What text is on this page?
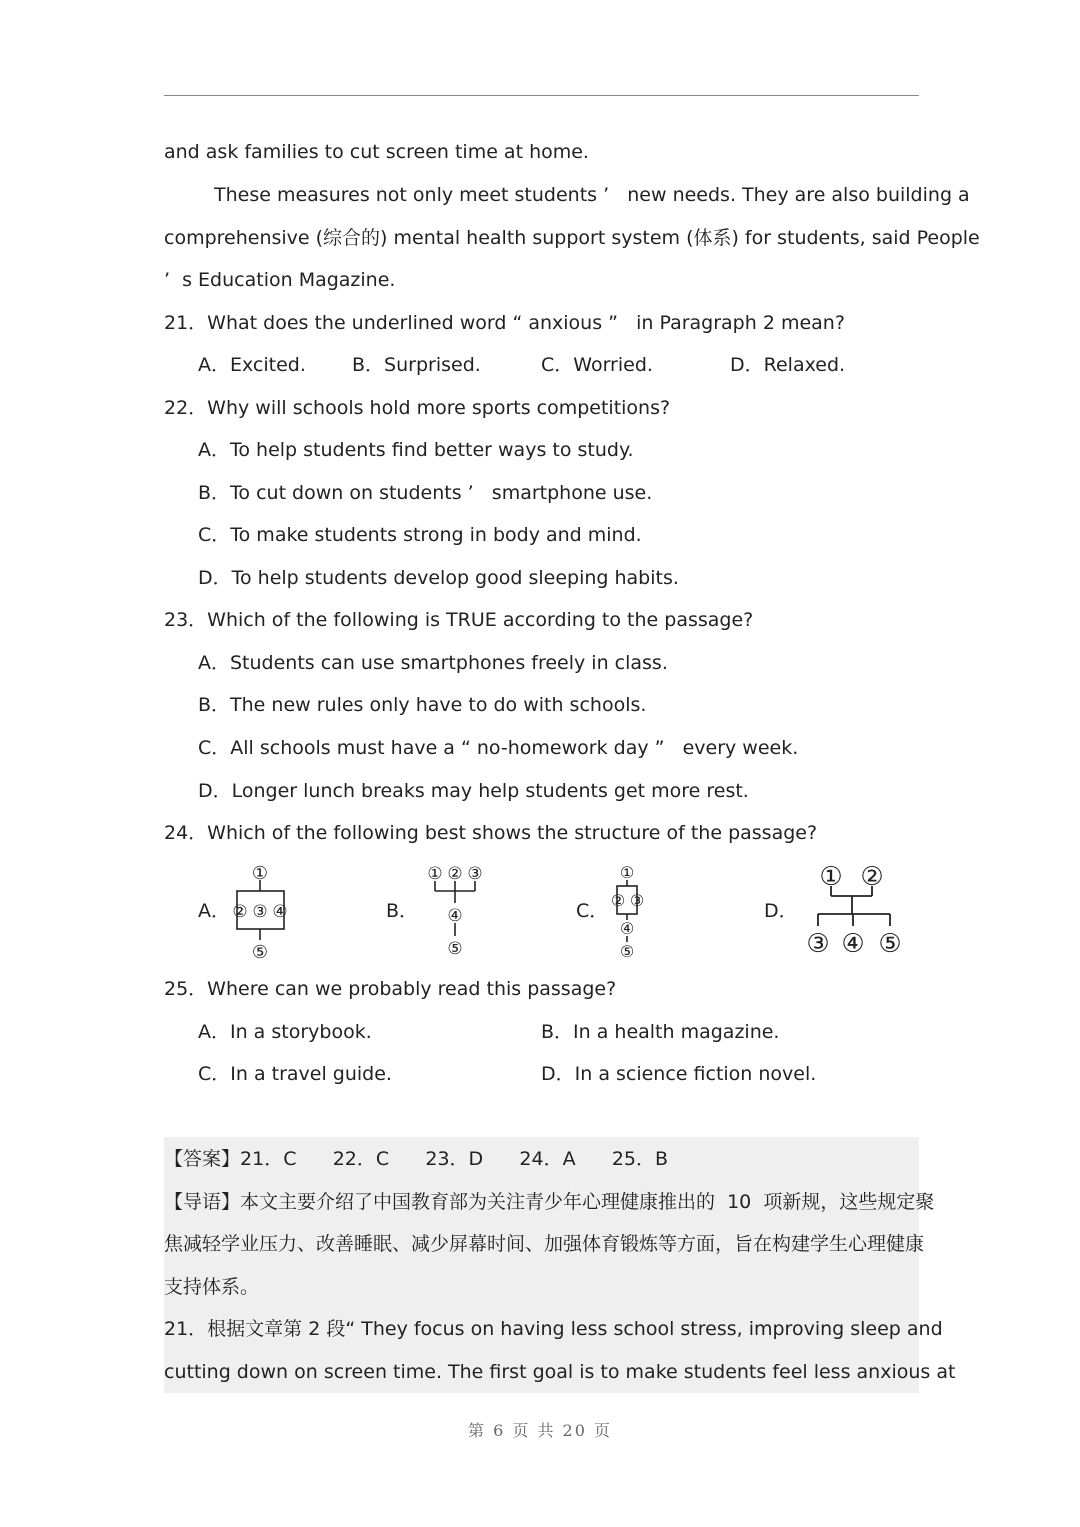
and ask families to cut screen time at home.
These measures not only meet students ’   new needs. They are also building a
comprehensive (综合的) mental health support system (体系) for students, said People
’  s Education Magazine.
21．What does the underlined word “ anxious ”   in Paragraph 2 mean?
A．Excited. B．Surprised.	C．Worried.	D．Relaxed.
22．Why will schools hold more sports competitions?
A．To help students find better ways to study.
B．To cut down on students ’   smartphone use.
C．To make students strong in body and mind.
D．To help students develop good sleeping habits.
23．Which of the following is TRUE according to the passage?
A．Students can use smartphones freely in class.
B．The new rules only have to do with schools.
C．All schools must have a “ no-homework day ”   every week.
D．Longer lunch breaks may help students get more rest.
24．Which of the following best shows the structure of the passage?
A．
①
② ③ ④
⑤
B．
① ② ③
④
⑤
C．
①
② ③
④
⑤
D．
① ②
③ ④ ⑤
25．Where can we probably read this passage?
A．In a storybook.	B．In a health magazine.
C．In a travel guide.	D．In a science fiction novel.
【答案】21．C      22．C      23．D      24．A      25．B
【导语】本文主要介绍了中国教育部为关注青少年心理健康推出的  10  项新规，这些规定聚
焦减轻学业压力、改善睡眠、减少屏幕时间、加强体育锻炼等方面，旨在构建学生心理健康
支持体系。
21．根据文章第 2 段“ They focus on having less school stress, improving sleep and
cutting down on screen time. The first goal is to make students feel less anxious at
第 6 页 共 20 页
